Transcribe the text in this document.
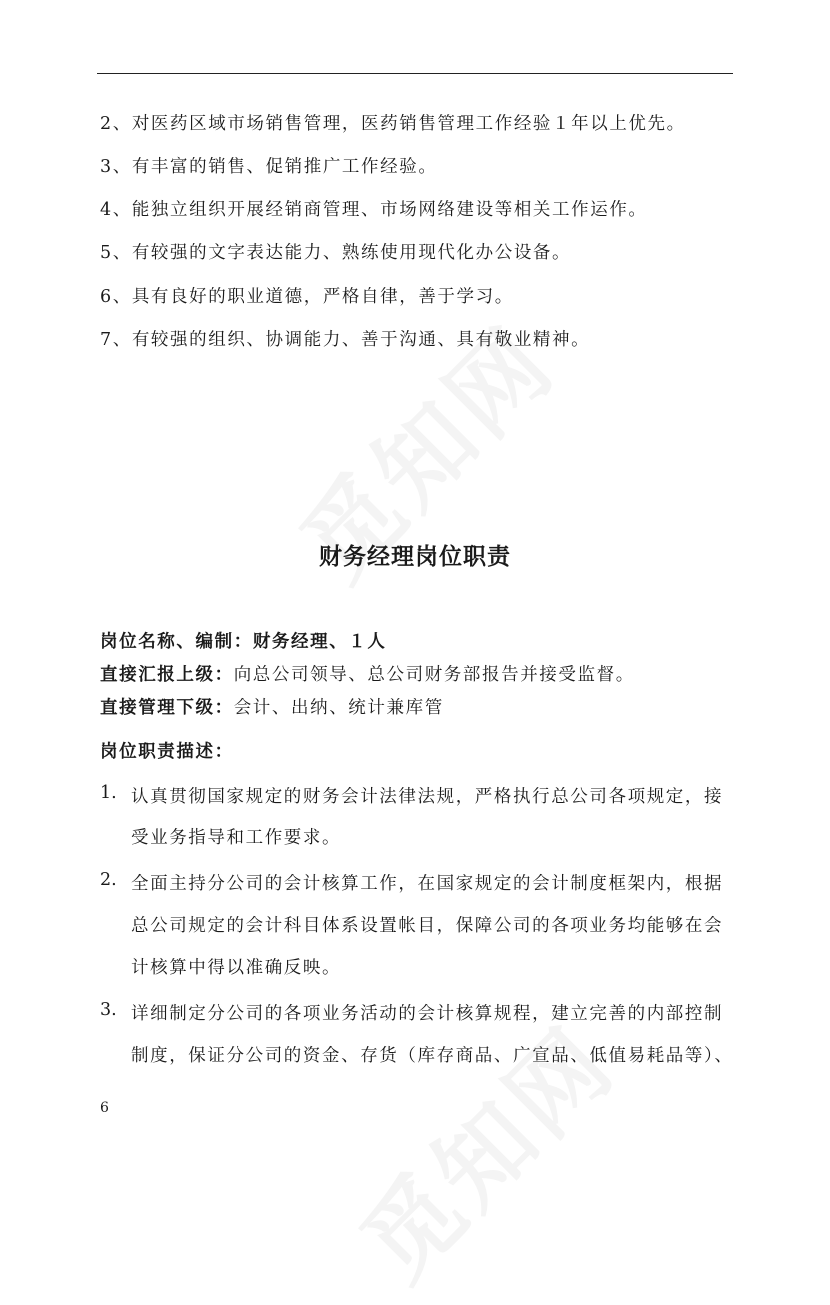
2、对医药区域市场销售管理，医药销售管理工作经验１年以上优先。
3、有丰富的销售、促销推广工作经验。
4、能独立组织开展经销商管理、市场网络建设等相关工作运作。
5、有较强的文字表达能力、熟练使用现代化办公设备。
6、具有良好的职业道德，严格自律，善于学习。
7、有较强的组织、协调能力、善于沟通、具有敬业精神。
财务经理岗位职责
岗位名称、编制：财务经理、１人
直接汇报上级：向总公司领导、总公司财务部报告并接受监督。
直接管理下级：会计、出纳、统计兼库管
岗位职责描述：
1. 认真贯彻国家规定的财务会计法律法规，严格执行总公司各项规定，接
受业务指导和工作要求。
2. 全面主持分公司的会计核算工作，在国家规定的会计制度框架内，根据
总公司规定的会计科目体系设置帐目，保障公司的各项业务均能够在会
计核算中得以准确反映。
3. 详细制定分公司的各项业务活动的会计核算规程，建立完善的内部控制
制度，保证分公司的资金、存货（库存商品、广宣品、低值易耗品等）、
6
